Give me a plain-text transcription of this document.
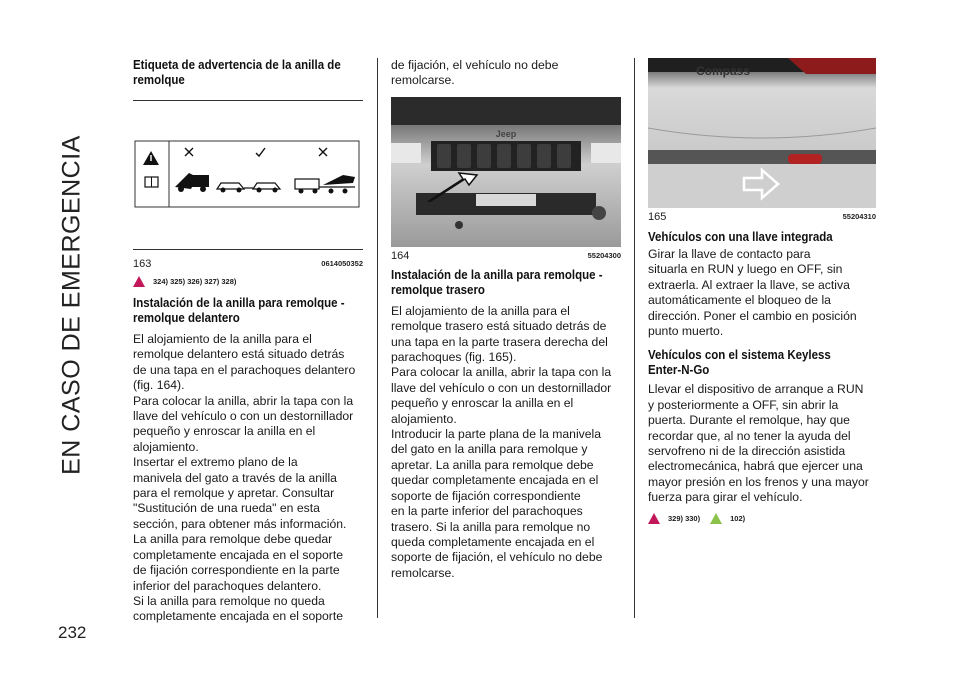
EN CASO DE EMERGENCIA
232
Etiqueta de advertencia de la anilla de remolque
163	0614050352
324) 325) 326) 327) 328)
Instalación de la anilla para remolque - remolque delantero

El alojamiento de la anilla para el
remolque delantero está situado detrás
de una tapa en el parachoques delantero
(fig. 164).
Para colocar la anilla, abrir la tapa con la
llave del vehículo o con un destornillador
pequeño y enroscar la anilla en el
alojamiento.
Insertar el extremo plano de la
manivela del gato a través de la anilla
para el remolque y apretar. Consultar
"Sustitución de una rueda" en esta
sección, para obtener más información.
La anilla para remolque debe quedar
completamente encajada en el soporte
de fijación correspondiente en la parte
inferior del parachoques delantero.
Si la anilla para remolque no queda
completamente encajada en el soporte

de fijación, el vehículo no debe
remolcarse.

Jeep
164	55204300
Instalación de la anilla para remolque - remolque trasero

El alojamiento de la anilla para el
remolque trasero está situado detrás de
una tapa en la parte trasera derecha del
parachoques (fig. 165).
Para colocar la anilla, abrir la tapa con la
llave del vehículo o con un destornillador
pequeño y enroscar la anilla en el
alojamiento.
Introducir la parte plana de la manivela
del gato en la anilla para remolque y
apretar. La anilla para remolque debe
quedar completamente encajada en el
soporte de fijación correspondiente
en la parte inferior del parachoques
trasero. Si la anilla para remolque no
queda completamente encajada en el
soporte de fijación, el vehículo no debe
remolcarse.

Compass
165	55204310
Vehículos con una llave integrada

Girar la llave de contacto para
situarla en RUN y luego en OFF, sin
extraerla. Al extraer la llave, se activa
automáticamente el bloqueo de la
dirección. Poner el cambio en posición
punto muerto.

Vehículos con el sistema Keyless Enter-N-Go

Llevar el dispositivo de arranque a RUN
y posteriormente a OFF, sin abrir la
puerta. Durante el remolque, hay que
recordar que, al no tener la ayuda del
servofreno ni de la dirección asistida
electromecánica, habrá que ejercer una
mayor presión en los frenos y una mayor
fuerza para girar el vehículo.

329) 330)	102)
